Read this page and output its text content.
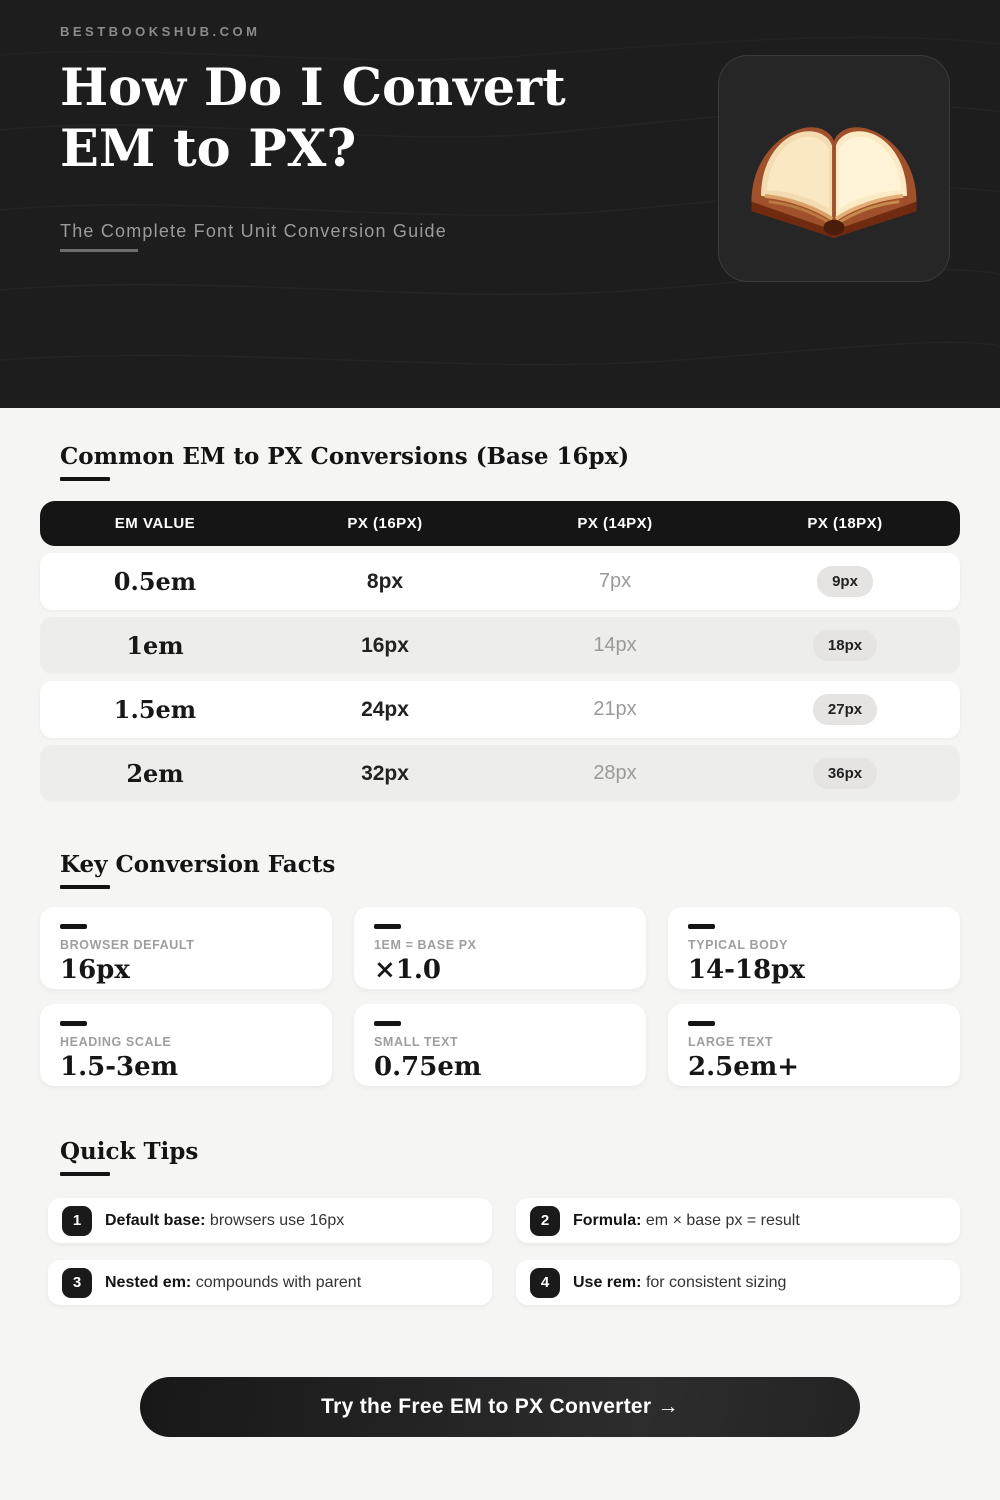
BESTBOOKSHUB.COM
How Do I Convert
EM to PX?
The Complete Font Unit Conversion Guide
Common EM to PX Conversions (Base 16px)
EM VALUE	PX (16PX)	PX (14PX)	PX (18PX)
0.5em	8px	7px	9px
1em	16px	14px	18px
1.5em	24px	21px	27px
2em	32px	28px	36px
Key Conversion Facts
BROWSER DEFAULT
16px
1EM = BASE PX
×1.0
TYPICAL BODY
14-18px
HEADING SCALE
1.5-3em
SMALL TEXT
0.75em
LARGE TEXT
2.5em+
Quick Tips
1	Default base: browsers use 16px	2	Formula: em × base px = result
3	Nested em: compounds with parent	4	Use rem: for consistent sizing
Try the Free EM to PX Converter →
